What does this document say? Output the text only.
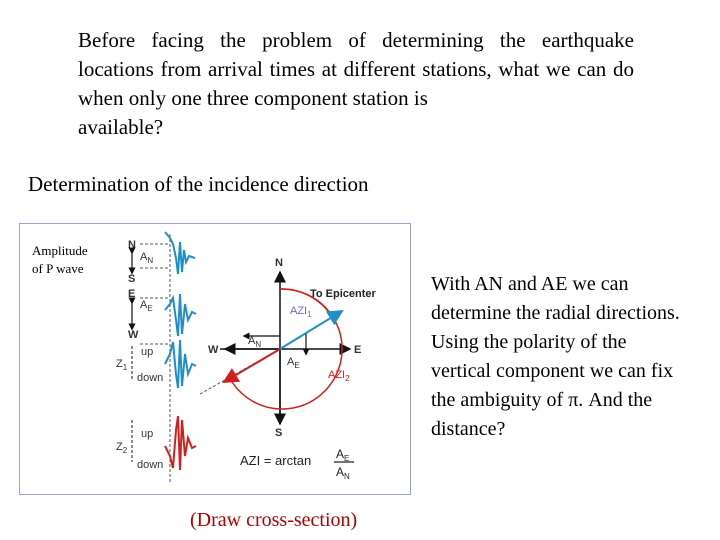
Before facing the problem of determining the earthquake locations from arrival times at different stations, what we can do when only one three component station is
available?

Determination of the incidence direction

Amplitude
of P wave
N
S
$A_N$
E
W
$A_E$
$Z_1$
up
down
$Z_2$
up
down
N
S
E
W
To Epicenter
$AZI_1$
$AZI_2$
$A_N$
$A_E$
AZI = $\arctan A_E$
$A_N$

With AN and AE we can determine the radial directions. Using the polarity of the vertical component we can fix the ambiguity of π. And the distance?

(Draw cross-section)
